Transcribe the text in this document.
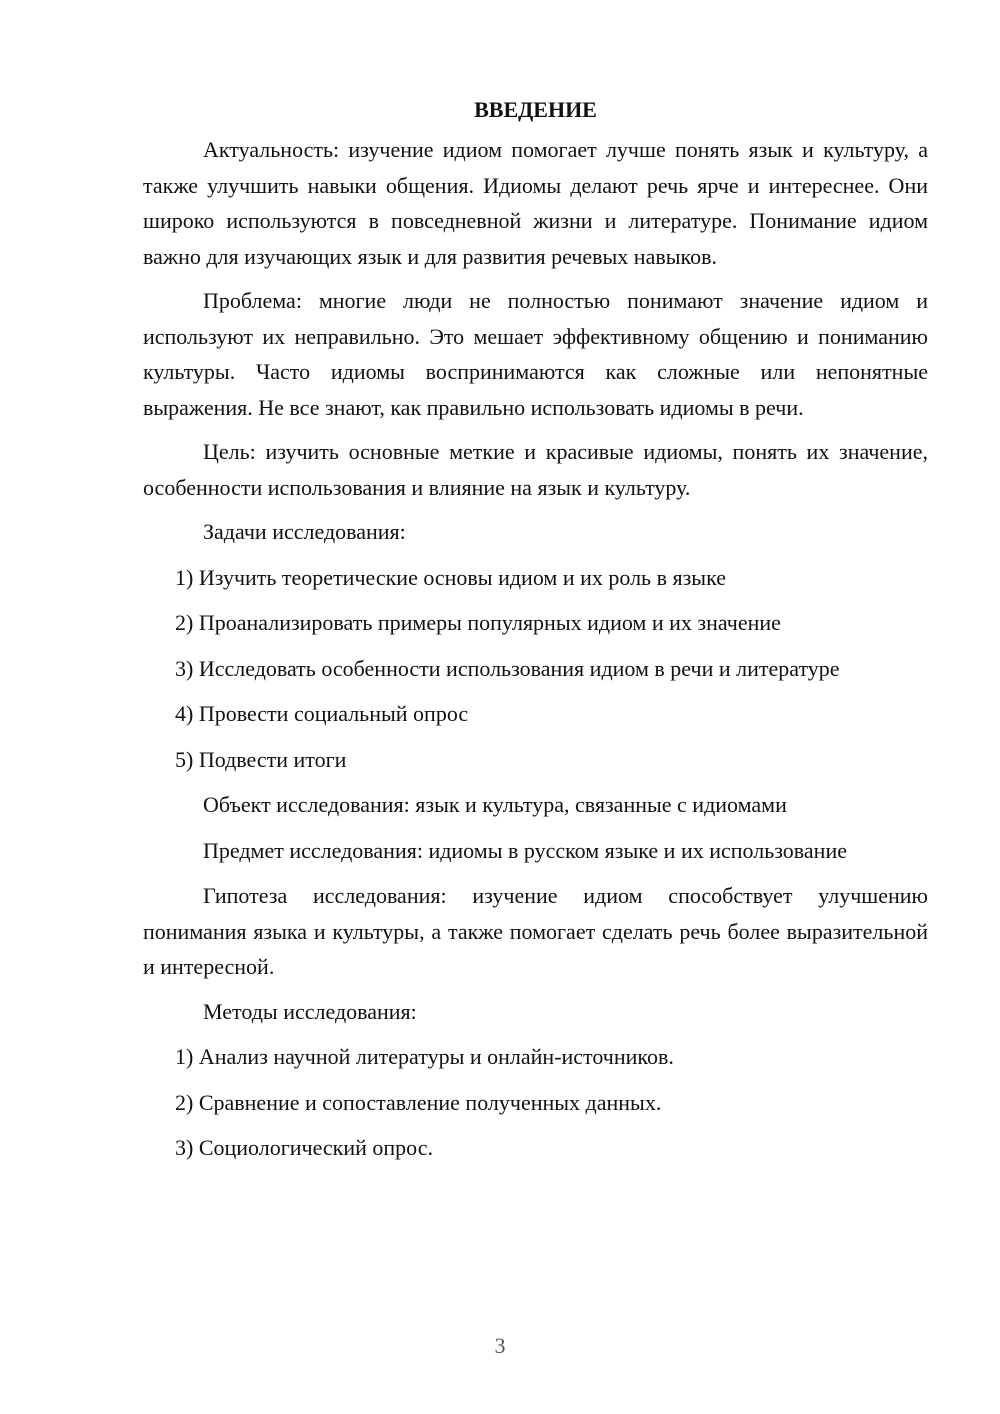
ВВЕДЕНИЕ

Актуальность: изучение идиом помогает лучше понять язык и культуру, а также улучшить навыки общения. Идиомы делают речь ярче и интереснее. Они широко используются в повседневной жизни и литературе. Понимание идиом важно для изучающих язык и для развития речевых навыков.

Проблема: многие люди не полностью понимают значение идиом и используют их неправильно. Это мешает эффективному общению и пониманию культуры. Часто идиомы воспринимаются как сложные или непонятные выражения. Не все знают, как правильно использовать идиомы в речи.

Цель: изучить основные меткие и красивые идиомы, понять их значение, особенности использования и влияние на язык и культуру.

Задачи исследования:
1) Изучить теоретические основы идиом и их роль в языке
2) Проанализировать примеры популярных идиом и их значение
3) Исследовать особенности использования идиом в речи и литературе
4) Провести социальный опрос
5) Подвести итоги
Объект исследования: язык и культура, связанные с идиомами
Предмет исследования: идиомы в русском языке и их использование

Гипотеза исследования: изучение идиом способствует улучшению понимания языка и культуры, а также помогает сделать речь более выразительной и интересной.

Методы исследования:
1) Анализ научной литературы и онлайн-источников.
2) Сравнение и сопоставление полученных данных.
3) Социологический опрос.
3
